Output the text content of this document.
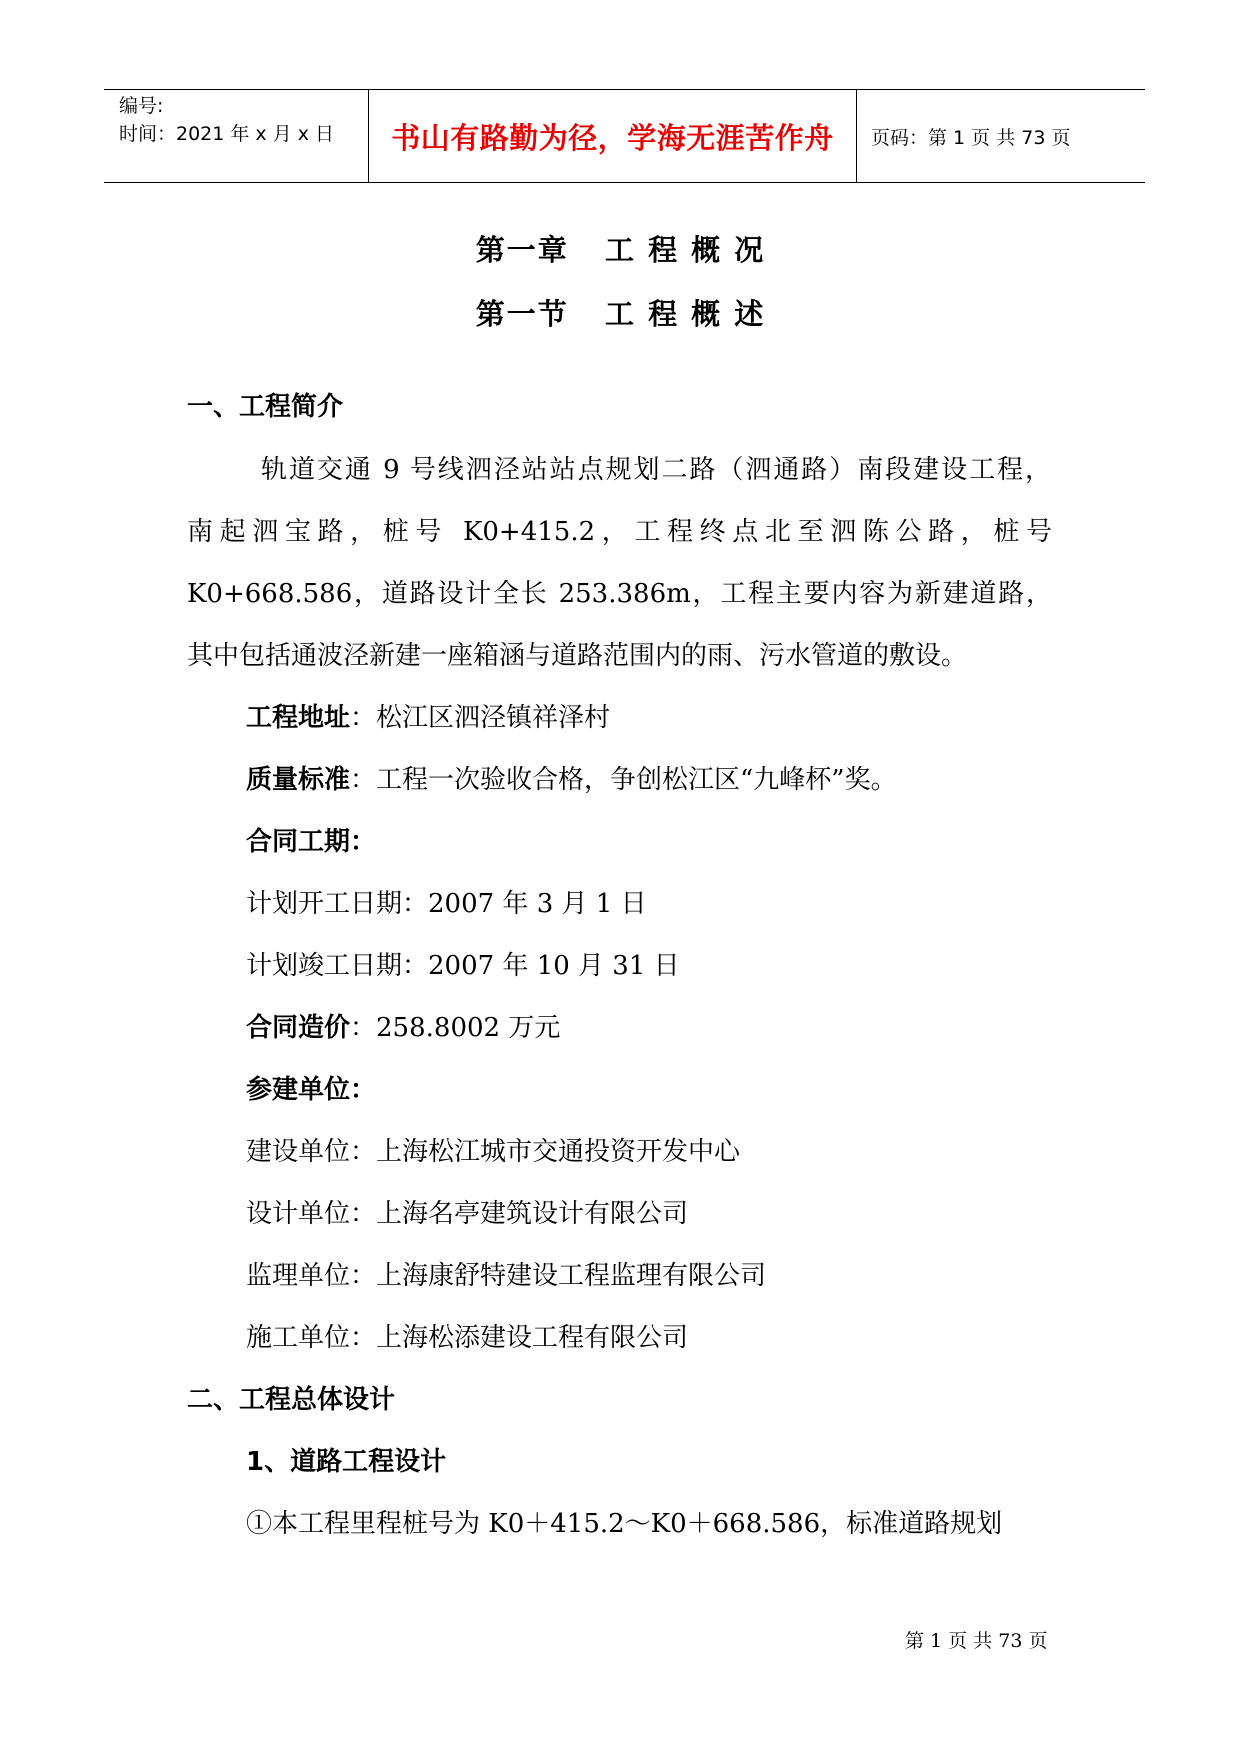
编号:
时间：2021 年 x 月 x 日	书山有路勤为径，学海无涯苦作舟 页码：第 1 页 共 73 页
第一章   工 程 概 况
第一节   工 程 概 述
一、工程简介
轨道交通 9 号线泗泾站站点规划二路（泗通路）南段建设工程，
南起泗宝路，桩号 K0+415.2，工程终点北至泗陈公路，桩号
K0+668.586，道路设计全长 253.386m，工程主要内容为新建道路，
其中包括通波泾新建一座箱涵与道路范围内的雨、污水管道的敷设。
工程地址：松江区泗泾镇祥泽村
质量标准：工程一次验收合格，争创松江区“九峰杯”奖。
合同工期：
计划开工日期：2007 年 3 月 1 日
计划竣工日期：2007 年 10 月 31 日
合同造价：258.8002 万元
参建单位：
建设单位：上海松江城市交通投资开发中心
设计单位：上海名亭建筑设计有限公司
监理单位：上海康舒特建设工程监理有限公司
施工单位：上海松添建设工程有限公司
二、工程总体设计
1、道路工程设计
①本工程里程桩号为 K0＋415.2～K0＋668.586，标准道路规划
第 1 页 共 73 页
